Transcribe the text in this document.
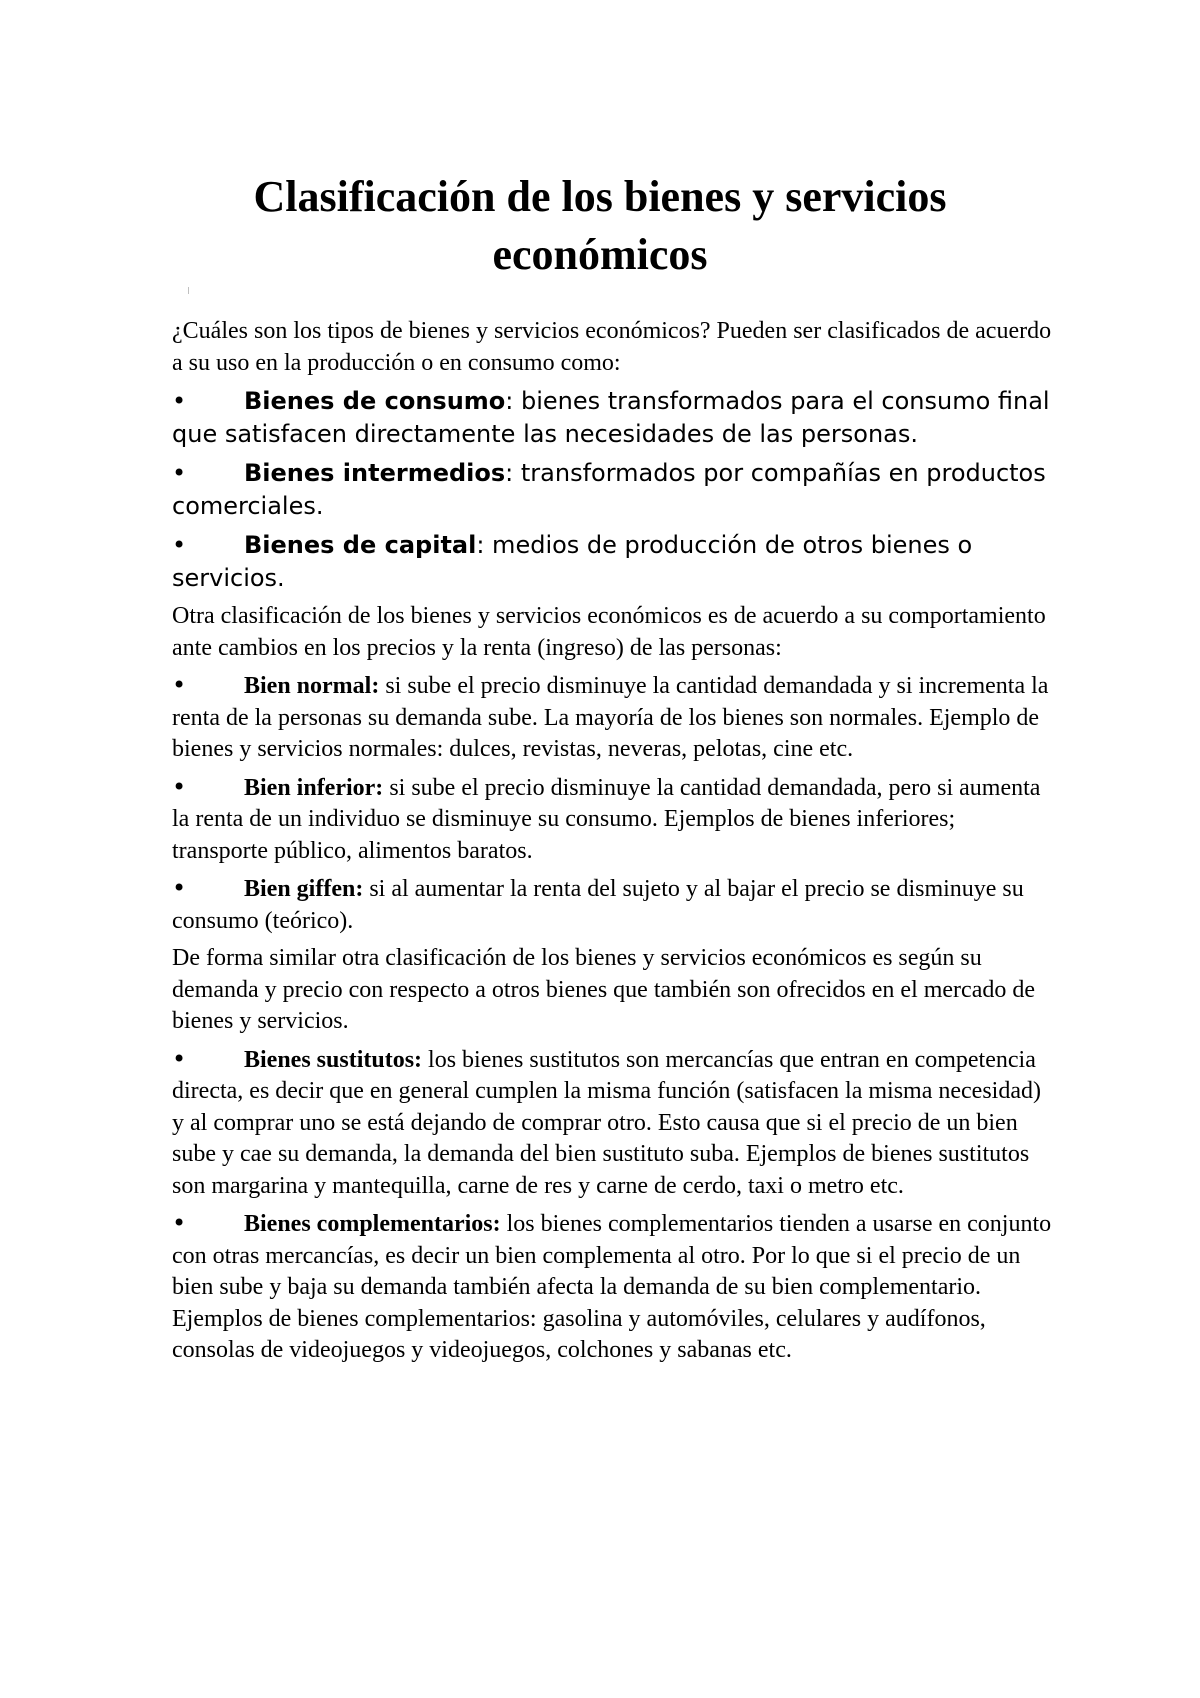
Clasificación de los bienes y servicios económicos

¿Cuáles son los tipos de bienes y servicios económicos? Pueden ser clasificados de acuerdo a su uso en la producción o en consumo como:

• Bienes de consumo: bienes transformados para el consumo final que satisfacen directamente las necesidades de las personas.
• Bienes intermedios: transformados por compañías en productos comerciales.
• Bienes de capital: medios de producción de otros bienes o servicios.

Otra clasificación de los bienes y servicios económicos es de acuerdo a su comportamiento ante cambios en los precios y la renta (ingreso) de las personas:

• Bien normal: si sube el precio disminuye la cantidad demandada y si incrementa la renta de la personas su demanda sube. La mayoría de los bienes son normales. Ejemplo de bienes y servicios normales: dulces, revistas, neveras, pelotas, cine etc.
• Bien inferior: si sube el precio disminuye la cantidad demandada, pero si aumenta la renta de un individuo se disminuye su consumo. Ejemplos de bienes inferiores; transporte público, alimentos baratos.
• Bien giffen: si al aumentar la renta del sujeto y al bajar el precio se disminuye su consumo (teórico).

De forma similar otra clasificación de los bienes y servicios económicos es según su demanda y precio con respecto a otros bienes que también son ofrecidos en el mercado de bienes y servicios.

• Bienes sustitutos: los bienes sustitutos son mercancías que entran en competencia directa, es decir que en general cumplen la misma función (satisfacen la misma necesidad) y al comprar uno se está dejando de comprar otro. Esto causa que si el precio de un bien sube y cae su demanda, la demanda del bien sustituto suba. Ejemplos de bienes sustitutos son margarina y mantequilla, carne de res y carne de cerdo, taxi o metro etc.
• Bienes complementarios: los bienes complementarios tienden a usarse en conjunto con otras mercancías, es decir un bien complementa al otro. Por lo que si el precio de un bien sube y baja su demanda también afecta la demanda de su bien complementario. Ejemplos de bienes complementarios: gasolina y automóviles, celulares y audífonos, consolas de videojuegos y videojuegos, colchones y sabanas etc.
